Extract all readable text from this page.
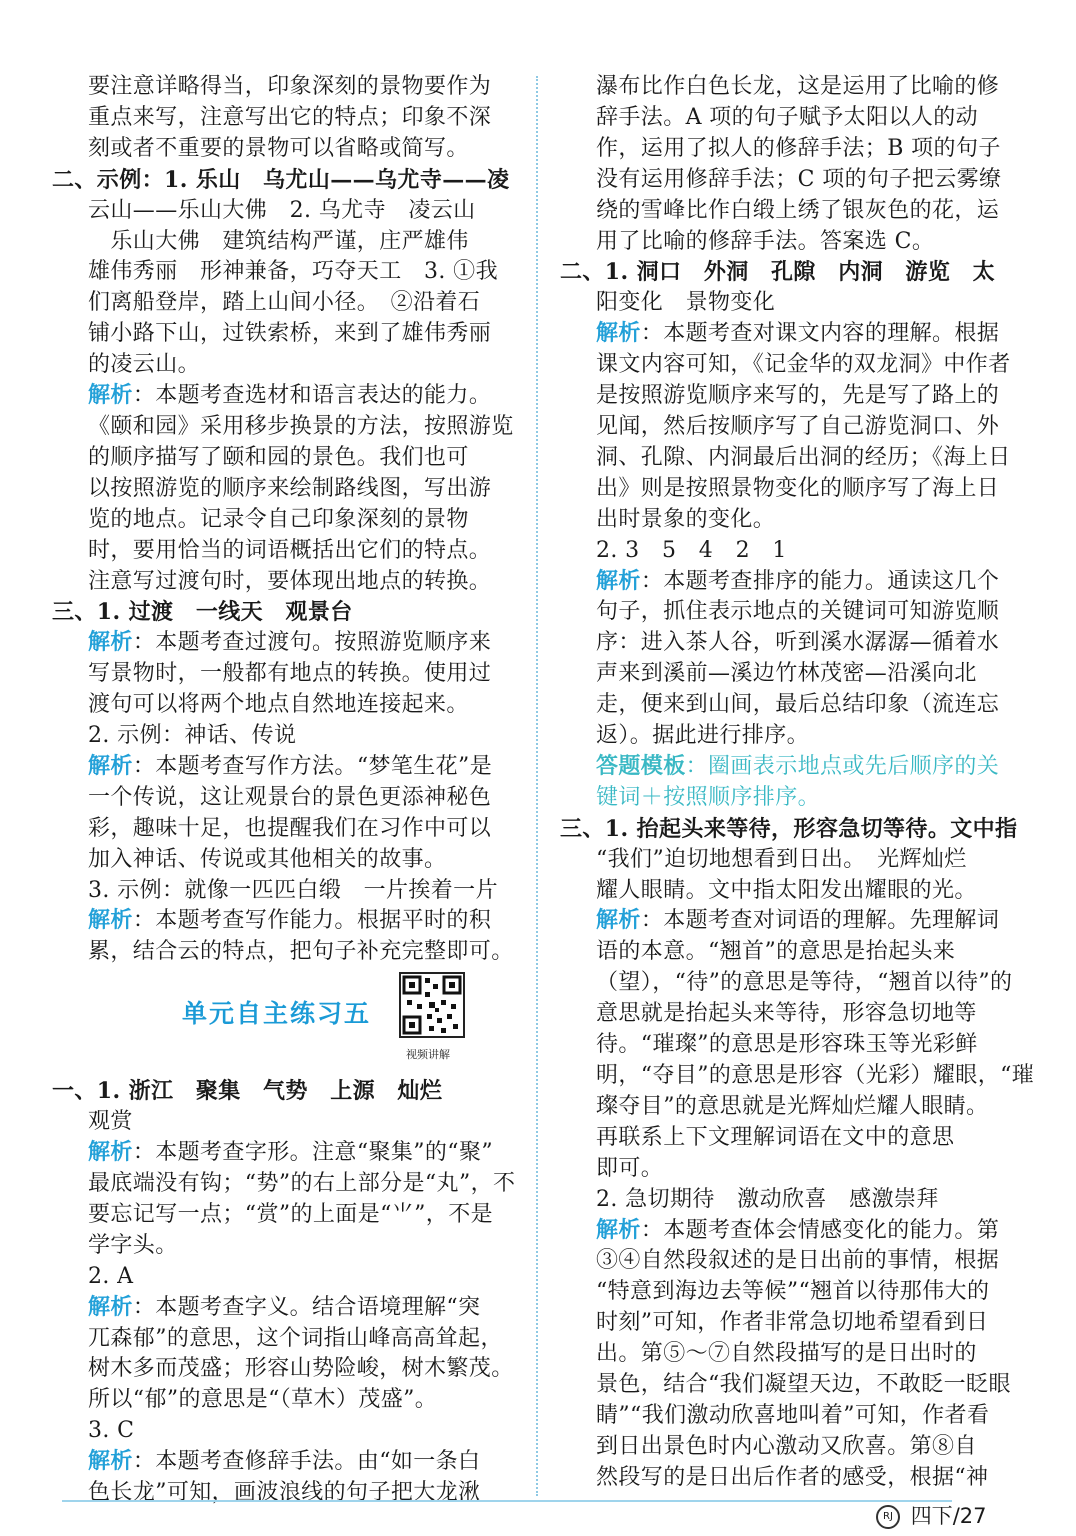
要注意详略得当，印象深刻的景物要作为
重点来写，注意写出它的特点；印象不深
刻或者不重要的景物可以省略或简写。
二、示例：1. 乐山　乌尤山——乌尤寺——凌
云山——乐山大佛　2. 乌尤寺　凌云山
　乐山大佛　建筑结构严谨，庄严雄伟
雄伟秀丽　形神兼备，巧夺天工　3. ①我
们离船登岸，踏上山间小径。　②沿着石
铺小路下山，过铁索桥，来到了雄伟秀丽
的凌云山。
解析：本题考查选材和语言表达的能力。
《颐和园》采用移步换景的方法，按照游览
的顺序描写了颐和园的景色。我们也可
以按照游览的顺序来绘制路线图，写出游
览的地点。记录令自己印象深刻的景物
时，要用恰当的词语概括出它们的特点。
注意写过渡句时，要体现出地点的转换。
三、1. 过渡　一线天　观景台
解析：本题考查过渡句。按照游览顺序来
写景物时，一般都有地点的转换。使用过
渡句可以将两个地点自然地连接起来。
2. 示例：神话、传说
解析：本题考查写作方法。“梦笔生花”是
一个传说，这让观景台的景色更添神秘色
彩，趣味十足，也提醒我们在习作中可以
加入神话、传说或其他相关的故事。
3. 示例：就像一匹匹白缎　一片挨着一片
解析：本题考查写作能力。根据平时的积
累，结合云的特点，把句子补充完整即可。
单元自主练习五
视频讲解
一、1. 浙江　聚集　气势　上源　灿烂
观赏
解析：本题考查字形。注意“聚集”的“聚”
最底端没有钩；“势”的右上部分是“丸”，不
要忘记写一点；“赏”的上面是“⺌”，不是
学字头。
2. A
解析：本题考查字义。结合语境理解“突
兀森郁”的意思，这个词指山峰高高耸起，
树木多而茂盛；形容山势险峻，树木繁茂。
所以“郁”的意思是“（草木）茂盛”。
3. C
解析：本题考查修辞手法。由“如一条白
色长龙”可知，画波浪线的句子把大龙湫
瀑布比作白色长龙，这是运用了比喻的修
辞手法。A 项的句子赋予太阳以人的动
作，运用了拟人的修辞手法；B 项的句子
没有运用修辞手法；C 项的句子把云雾缭
绕的雪峰比作白缎上绣了银灰色的花，运
用了比喻的修辞手法。答案选 C。
二、1. 洞口　外洞　孔隙　内洞　游览　太
阳变化　景物变化
解析：本题考查对课文内容的理解。根据
课文内容可知，《记金华的双龙洞》中作者
是按照游览顺序来写的，先是写了路上的
见闻，然后按顺序写了自己游览洞口、外
洞、孔隙、内洞最后出洞的经历；《海上日
出》则是按照景物变化的顺序写了海上日
出时景象的变化。
2. 3　5　4　2　1
解析：本题考查排序的能力。通读这几个
句子，抓住表示地点的关键词可知游览顺
序：进入茶人谷，听到溪水潺潺—循着水
声来到溪前—溪边竹林茂密—沿溪向北
走，便来到山间，最后总结印象（流连忘
返）。据此进行排序。
答题模板：圈画表示地点或先后顺序的关
键词＋按照顺序排序。
三、1. 抬起头来等待，形容急切等待。文中指
“我们”迫切地想看到日出。　光辉灿烂
耀人眼睛。文中指太阳发出耀眼的光。
解析：本题考查对词语的理解。先理解词
语的本意。“翘首”的意思是抬起头来
（望），“待”的意思是等待，“翘首以待”的
意思就是抬起头来等待，形容急切地等
待。“璀璨”的意思是形容珠玉等光彩鲜
明，“夺目”的意思是形容（光彩）耀眼，“璀
璨夺目”的意思就是光辉灿烂耀人眼睛。
再联系上下文理解词语在文中的意思
即可。
2. 急切期待　激动欣喜　感激崇拜
解析：本题考查体会情感变化的能力。第
③④自然段叙述的是日出前的事情，根据
“特意到海边去等候”“翘首以待那伟大的
时刻”可知，作者非常急切地希望看到日
出。第⑤～⑦自然段描写的是日出时的
景色，结合“我们凝望天边，不敢眨一眨眼
睛”“我们激动欣喜地叫着”可知，作者看
到日出景色时内心激动又欣喜。第⑧自
然段写的是日出后作者的感受，根据“神
RJ 四下/27
